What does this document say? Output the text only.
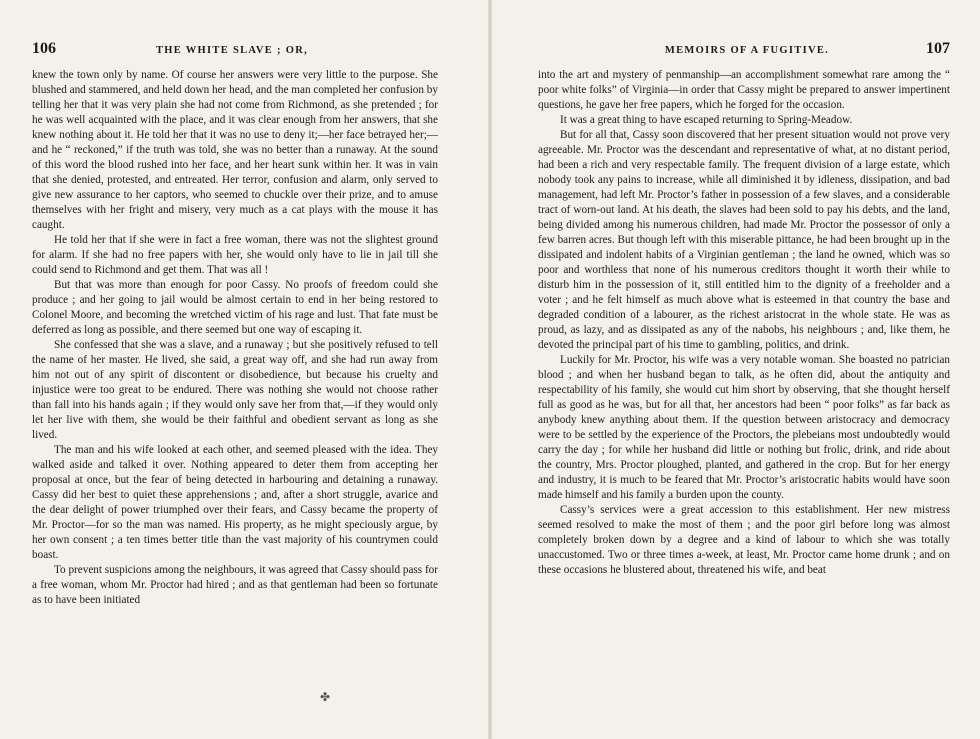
106	THE WHITE SLAVE ; OR,

knew the town only by name. Of course her answers were very little to the purpose. She blushed and stammered, and held down her head, and the man completed her confusion by telling her that it was very plain she had not come from Richmond, as she pretended ; for he was well acquainted with the place, and it was clear enough from her answers, that she knew nothing about it. He told her that it was no use to deny it;—her face betrayed her;—and he “ reckoned,” if the truth was told, she was no better than a runaway. At the sound of this word the blood rushed into her face, and her heart sunk within her. It was in vain that she denied, protested, and entreated. Her terror, confusion and alarm, only served to give new assurance to her captors, who seemed to chuckle over their prize, and to amuse themselves with her fright and misery, very much as a cat plays with the mouse it has caught.

He told her that if she were in fact a free woman, there was not the slightest ground for alarm. If she had no free papers with her, she would only have to lie in jail till she could send to Richmond and get them. That was all !

But that was more than enough for poor Cassy. No proofs of freedom could she produce ; and her going to jail would be almost certain to end in her being restored to Colonel Moore, and becoming the wretched victim of his rage and lust. That fate must be deferred as long as possible, and there seemed but one way of escaping it.

She confessed that she was a slave, and a runaway ; but she positively refused to tell the name of her master. He lived, she said, a great way off, and she had run away from him not out of any spirit of discontent or disobedience, but because his cruelty and injustice were too great to be endured. There was nothing she would not choose rather than fall into his hands again ; if they would only save her from that,—if they would only let her live with them, she would be their faithful and obedient servant as long as she lived.

The man and his wife looked at each other, and seemed pleased with the idea. They walked aside and talked it over. Nothing appeared to deter them from accepting her proposal at once, but the fear of being detected in harbouring and detaining a runaway. Cassy did her best to quiet these apprehensions ; and, after a short struggle, avarice and the dear delight of power triumphed over their fears, and Cassy became the property of Mr. Proctor—for so the man was named. His property, as he might speciously argue, by her own consent ; a ten times better title than the vast majority of his countrymen could boast.

To prevent suspicions among the neighbours, it was agreed that Cassy should pass for a free woman, whom Mr. Proctor had hired ; and as that gentleman had been so fortunate as to have been initiated

MEMOIRS OF A FUGITIVE.	107

into the art and mystery of penmanship—an accomplishment somewhat rare among the “ poor white folks” of Virginia—in order that Cassy might be prepared to answer impertinent questions, he gave her free papers, which he forged for the occasion.

It was a great thing to have escaped returning to Spring-Meadow.

But for all that, Cassy soon discovered that her present situation would not prove very agreeable. Mr. Proctor was the descendant and representative of what, at no distant period, had been a rich and very respectable family. The frequent division of a large estate, which nobody took any pains to increase, while all diminished it by idleness, dissipation, and bad management, had left Mr. Proctor’s father in possession of a few slaves, and a considerable tract of worn-out land. At his death, the slaves had been sold to pay his debts, and the land, being divided among his numerous children, had made Mr. Proctor the possessor of only a few barren acres. But though left with this miserable pittance, he had been brought up in the dissipated and indolent habits of a Virginian gentleman ; the land he owned, which was so poor and worthless that none of his numerous creditors thought it worth their while to disturb him in the possession of it, still entitled him to the dignity of a freeholder and a voter ; and he felt himself as much above what is esteemed in that country the base and degraded condition of a labourer, as the richest aristocrat in the whole state. He was as proud, as lazy, and as dissipated as any of the nabobs, his neighbours ; and, like them, he devoted the principal part of his time to gambling, politics, and drink.

Luckily for Mr. Proctor, his wife was a very notable woman. She boasted no patrician blood ; and when her husband began to talk, as he often did, about the antiquity and respectability of his family, she would cut him short by observing, that she thought herself full as good as he was, but for all that, her ancestors had been “ poor folks” as far back as anybody knew anything about them. If the question between aristocracy and democracy were to be settled by the experience of the Proctors, the plebeians most undoubtedly would carry the day ; for while her husband did little or nothing but frolic, drink, and ride about the country, Mrs. Proctor ploughed, planted, and gathered in the crop. But for her energy and industry, it is much to be feared that Mr. Proctor’s aristocratic habits would have soon made himself and his family a burden upon the county.

Cassy’s services were a great accession to this establishment. Her new mistress seemed resolved to make the most of them ; and the poor girl before long was almost completely broken down by a degree and a kind of labour to which she was totally unaccustomed. Two or three times a-week, at least, Mr. Proctor came home drunk ; and on these occasions he blustered about, threatened his wife, and beat

✤
